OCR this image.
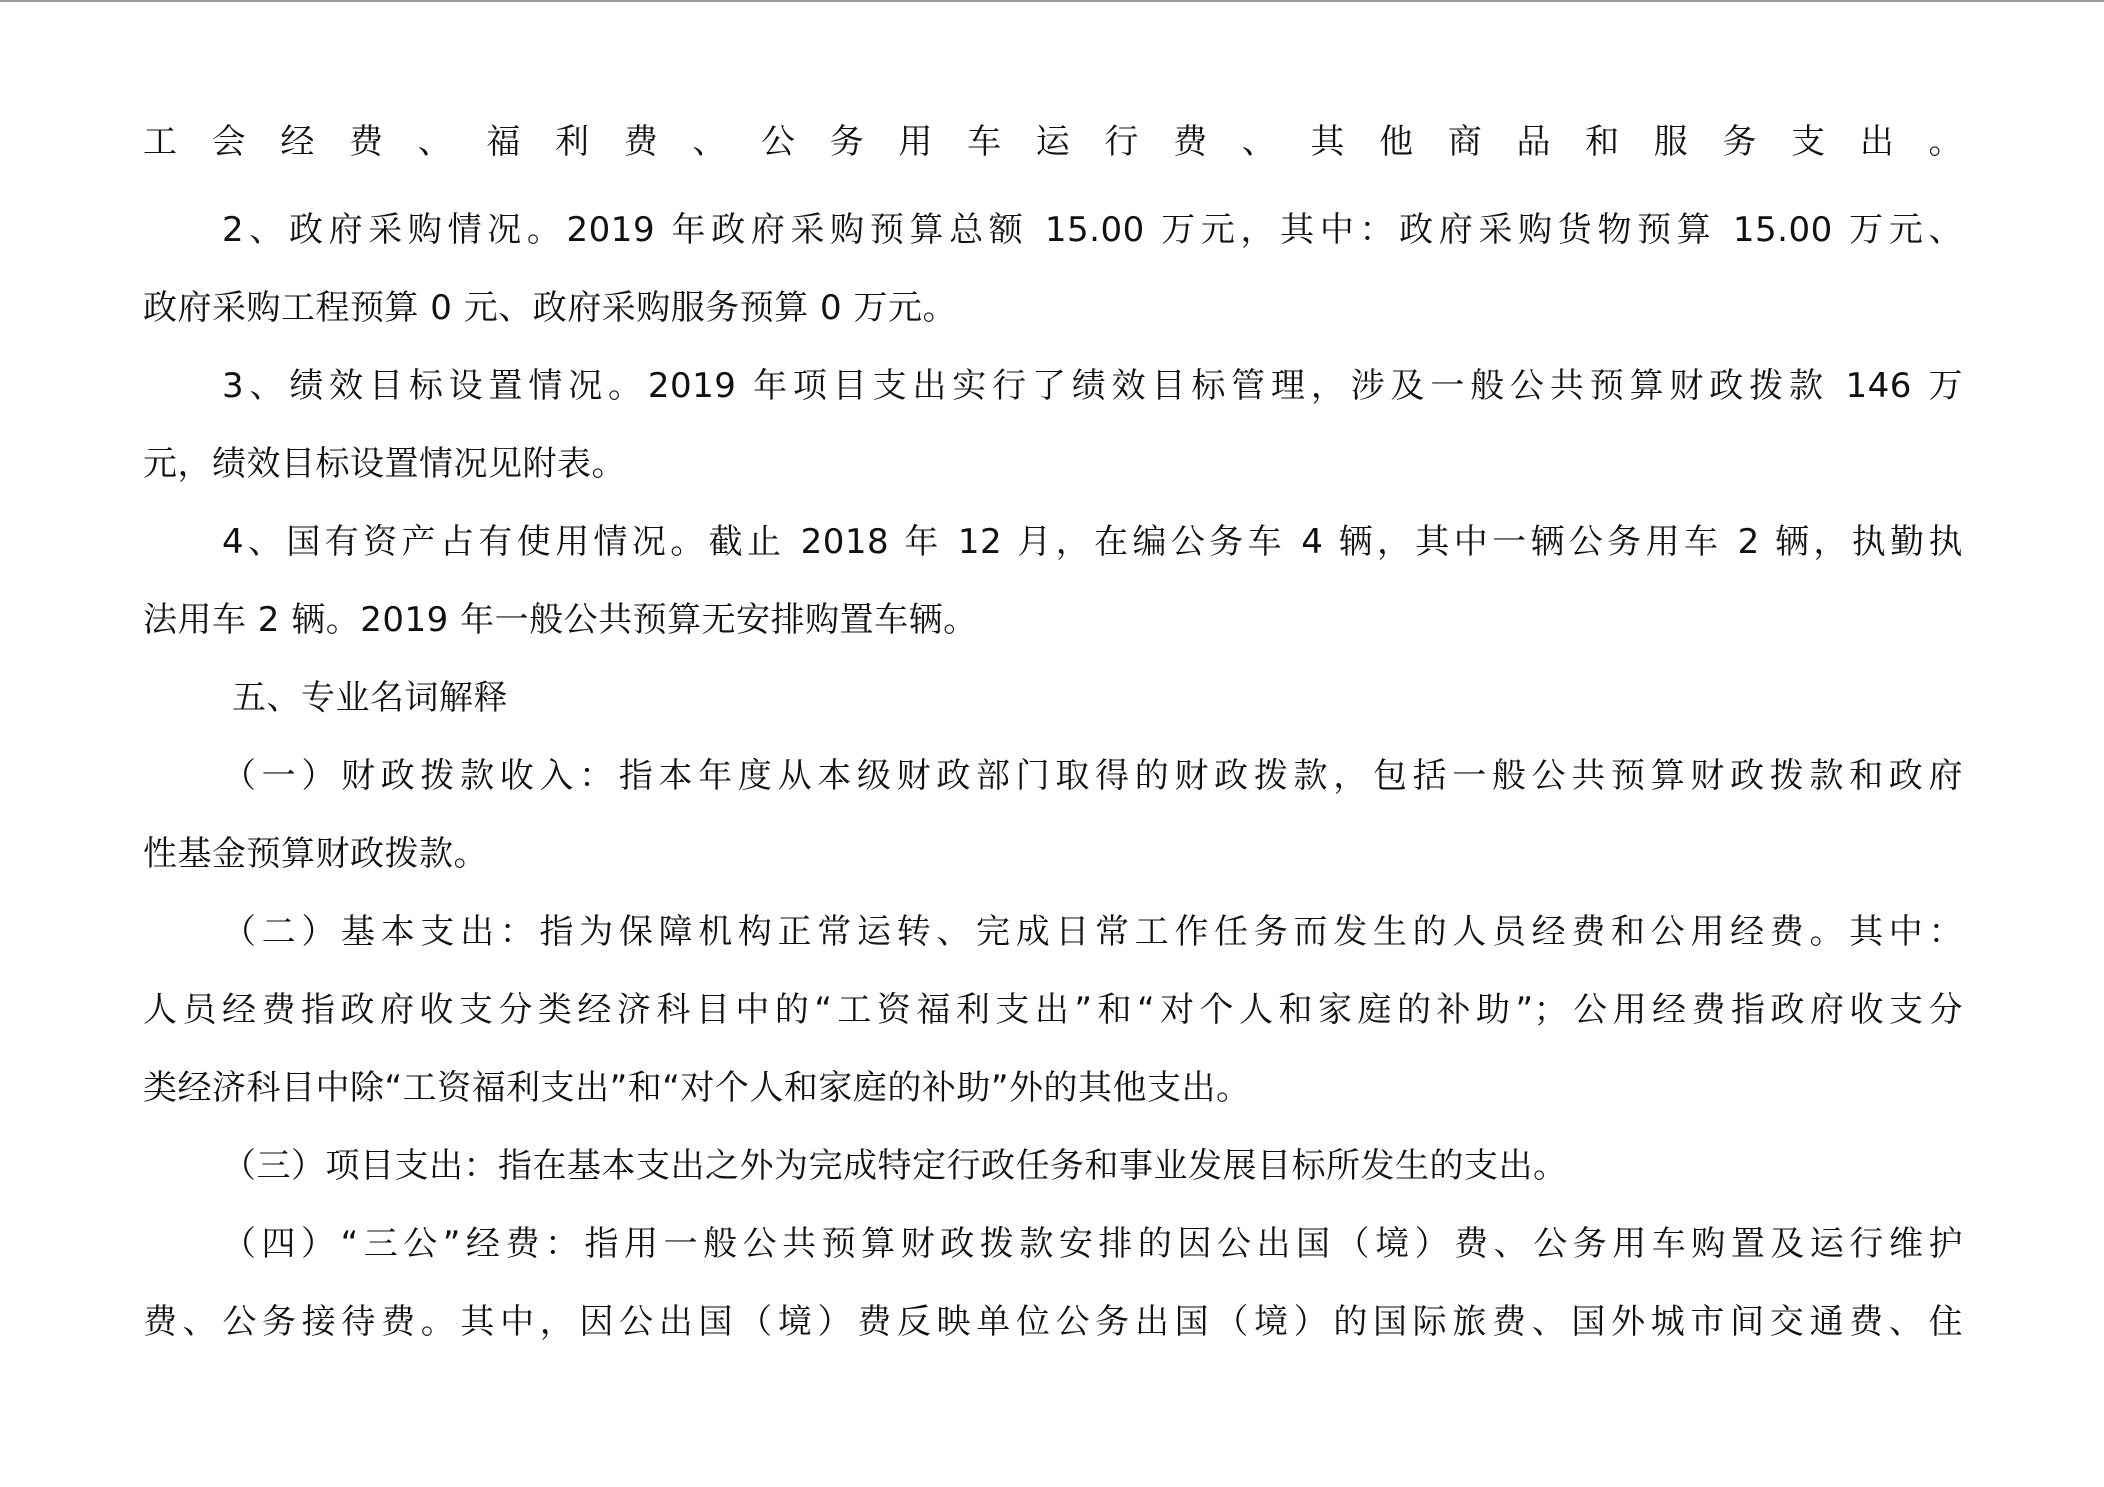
工会经费、福利费、公务用车运行费、其他商品和服务支出。
2、政府采购情况。2019 年政府采购预算总额 15.00 万元，其中：政府采购货物预算 15.00 万元、
政府采购工程预算 0 元、政府采购服务预算 0 万元。
3、绩效目标设置情况。2019 年项目支出实行了绩效目标管理，涉及一般公共预算财政拨款 146 万
元，绩效目标设置情况见附表。
4、国有资产占有使用情况。截止 2018 年 12 月，在编公务车 4 辆，其中一辆公务用车 2 辆，执勤执
法用车 2 辆。2019 年一般公共预算无安排购置车辆。
五、专业名词解释
（一）财政拨款收入：指本年度从本级财政部门取得的财政拨款，包括一般公共预算财政拨款和政府
性基金预算财政拨款。
（二）基本支出：指为保障机构正常运转、完成日常工作任务而发生的人员经费和公用经费。其中：
人员经费指政府收支分类经济科目中的“工资福利支出”和“对个人和家庭的补助”；公用经费指政府收支分
类经济科目中除“工资福利支出”和“对个人和家庭的补助”外的其他支出。
（三）项目支出：指在基本支出之外为完成特定行政任务和事业发展目标所发生的支出。
（四）“三公”经费：指用一般公共预算财政拨款安排的因公出国（境）费、公务用车购置及运行维护
费、公务接待费。其中，因公出国（境）费反映单位公务出国（境）的国际旅费、国外城市间交通费、住
